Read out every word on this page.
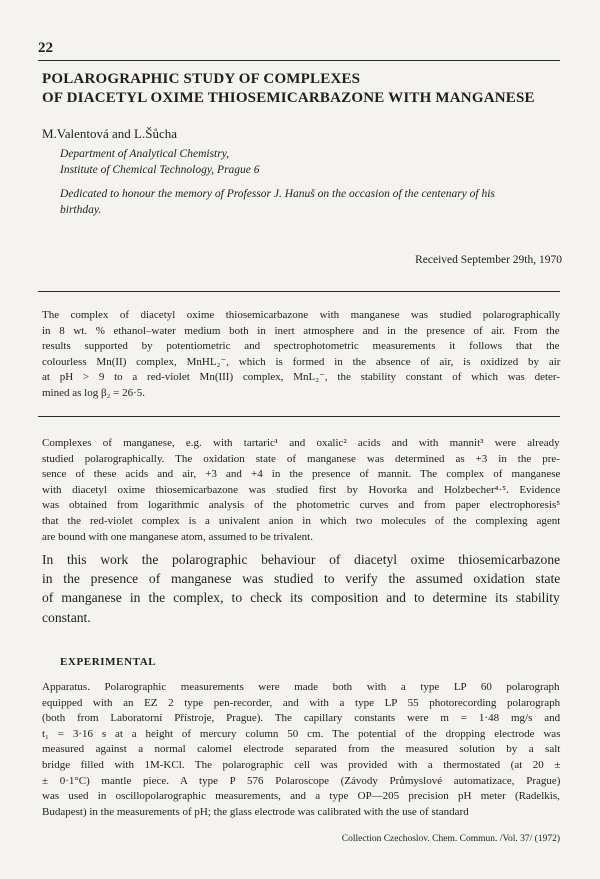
22
POLAROGRAPHIC STUDY OF COMPLEXES
OF DIACETYL OXIME THIOSEMICARBAZONE WITH MANGANESE
M.Valentová and L.Šůcha
Department of Analytical Chemistry,
Institute of Chemical Technology, Prague 6
Dedicated to honour the memory of Professor J. Hanuš on the occasion of the centenary of his
birthday.
Received September 29th, 1970
The complex of diacetyl oxime thiosemicarbazone with manganese was studied polarographically
in 8 wt. % ethanol–water medium both in inert atmosphere and in the presence of air. From the
results supported by potentiometric and spectrophotometric measurements it follows that the
colourless Mn(II) complex, MnHL₂⁻, which is formed in the absence of air, is oxidized by air
at pH > 9 to a red-violet Mn(III) complex, MnL₂⁻, the stability constant of which was deter-
mined as log β₂ = 26·5.
Complexes of manganese, e.g. with tartaric¹ and oxalic² acids and with mannit³ were already
studied polarographically. The oxidation state of manganese was determined as +3 in the pre-
sence of these acids and air, +3 and +4 in the presence of mannit. The complex of manganese
with diacetyl oxime thiosemicarbazone was studied first by Hovorka and Holzbecher⁴·⁵. Evidence
was obtained from logarithmic analysis of the photometric curves and from paper electrophoresis⁵
that the red-violet complex is a univalent anion in which two molecules of the complexing agent
are bound with one manganese atom, assumed to be trivalent.
In this work the polarographic behaviour of diacetyl oxime thiosemicarbazone
in the presence of manganese was studied to verify the assumed oxidation state
of manganese in the complex, to check its composition and to determine its stability
constant.
EXPERIMENTAL
Apparatus. Polarographic measurements were made both with a type LP 60 polarograph
equipped with an EZ 2 type pen-recorder, and with a type LP 55 photorecording polarograph
(both from Laboratorní Přístroje, Prague). The capillary constants were m = 1·48 mg/s and
t₁ = 3·16 s at a height of mercury column 50 cm. The potential of the dropping electrode was
measured against a normal calomel electrode separated from the measured solution by a salt
bridge filled with 1M-KCl. The polarographic cell was provided with a thermostated (at 20 ±
± 0·1°C) mantle piece. A type P 576 Polaroscope (Závody Průmyslové automatizace, Prague)
was used in oscillopolarographic measurements, and a type OP—205 precision pH meter (Radelkis,
Budapest) in the measurements of pH; the glass electrode was calibrated with the use of standard
Collection Czechoslov. Chem. Commun. /Vol. 37/ (1972)
